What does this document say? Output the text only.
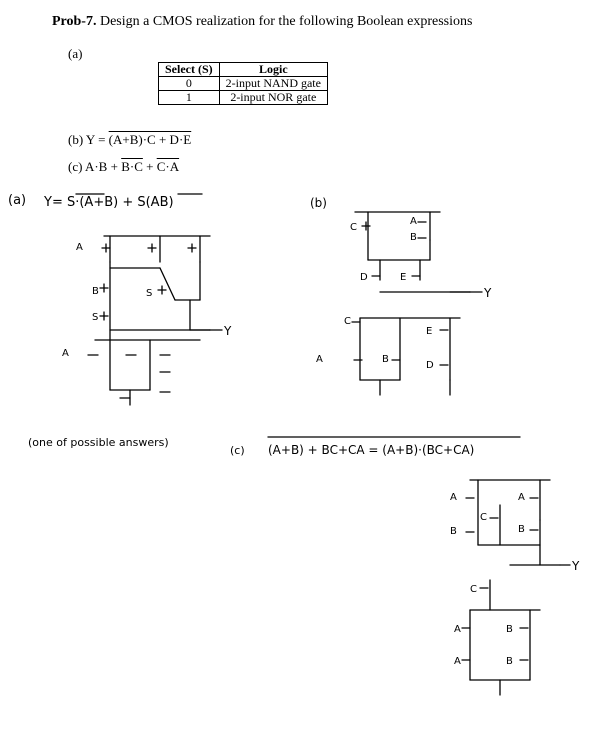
Prob-7. Design a CMOS realization for the following Boolean expressions
(a)
Select (S)	Logic
0	2-input NAND gate
1	2-input NOR gate
(b) Y = (A+B)·C + D·E
(c) A·B + B·C + C·A
(a) Y= S·(A+B) + S(AB)
A
B
S
S
A
Y
(one of possible answers)
(b)
C
A
B
D	E
C
E
A	B
D
Y
(c) (A+B) + BC+CA = (A+B)·(BC+CA)
A
B
C
A
B
C
A	B
A	B
Y
